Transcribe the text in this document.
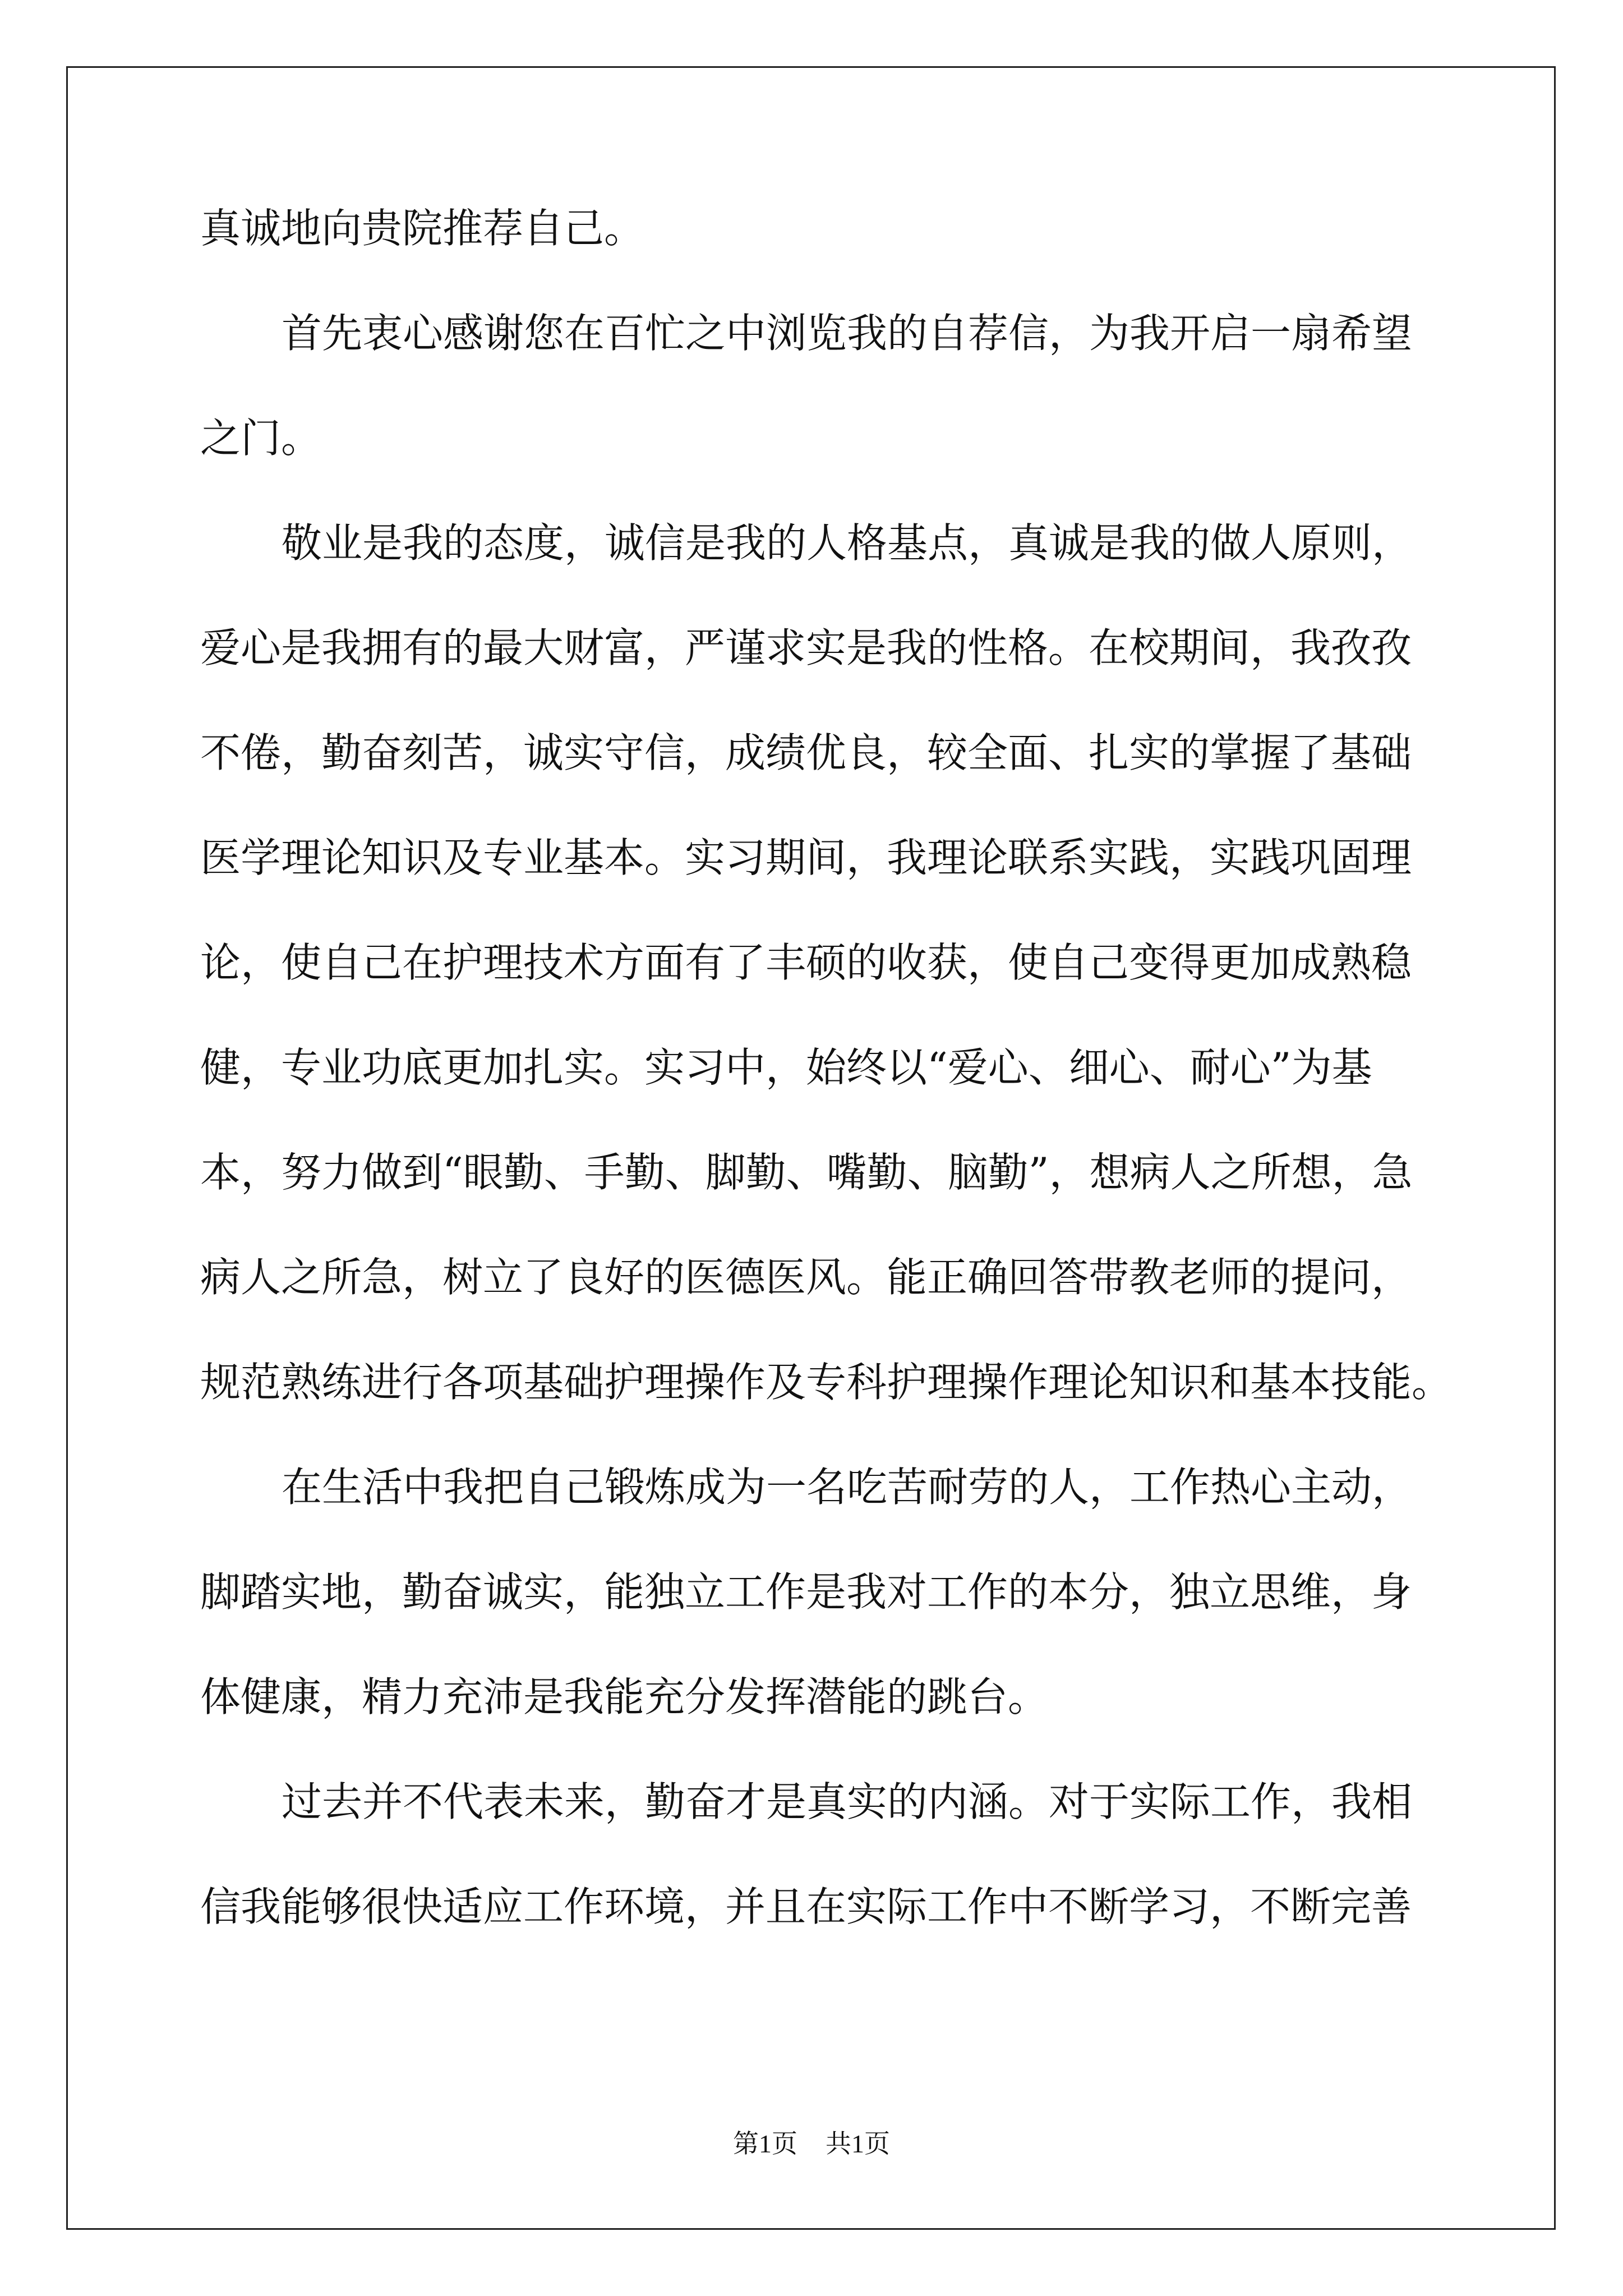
真诚地向贵院推荐自己。

首先衷心感谢您在百忙之中浏览我的自荐信，为我开启一扇希望

之门。

敬业是我的态度，诚信是我的人格基点，真诚是我的做人原则，

爱心是我拥有的最大财富，严谨求实是我的性格。在校期间，我孜孜

不倦，勤奋刻苦，诚实守信，成绩优良，较全面、扎实的掌握了基础

医学理论知识及专业基本。实习期间，我理论联系实践，实践巩固理

论，使自己在护理技术方面有了丰硕的收获，使自己变得更加成熟稳

健，专业功底更加扎实。实习中，始终以“爱心、细心、耐心”为基

本，努力做到“眼勤、手勤、脚勤、嘴勤、脑勤”，想病人之所想，急

病人之所急，树立了良好的医德医风。能正确回答带教老师的提问，

规范熟练进行各项基础护理操作及专科护理操作理论知识和基本技能。

在生活中我把自己锻炼成为一名吃苦耐劳的人，工作热心主动，

脚踏实地，勤奋诚实，能独立工作是我对工作的本分，独立思维，身

体健康，精力充沛是我能充分发挥潜能的跳台。

过去并不代表未来，勤奋才是真实的内涵。对于实际工作，我相

信我能够很快适应工作环境，并且在实际工作中不断学习，不断完善

第1页 共1页
